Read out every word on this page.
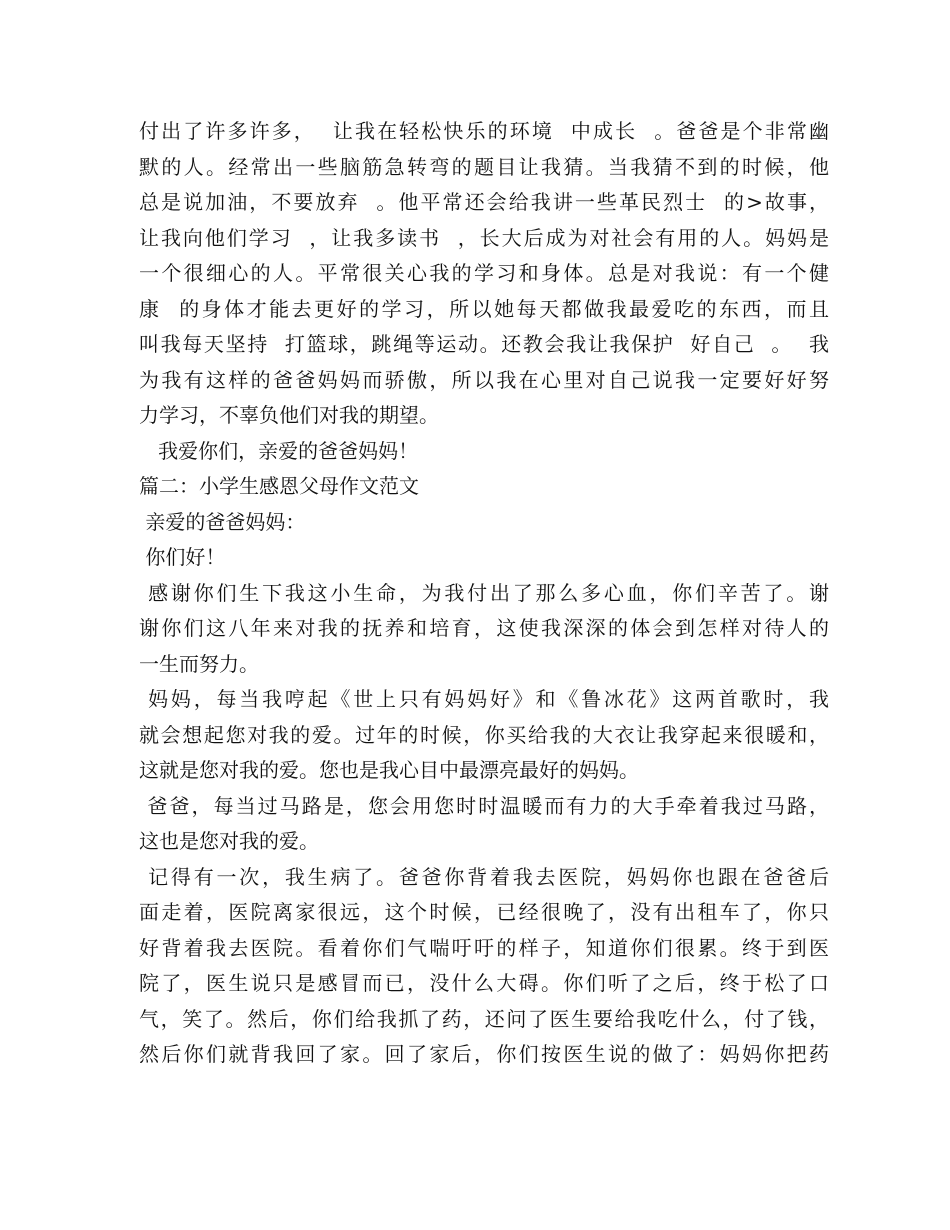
付出了许多许多，  让我在轻松快乐的环境  中成长  。爸爸是个非常幽
默的人。经常出一些脑筋急转弯的题目让我猜。当我猜不到的时候，他
总是说加油，不要放弃  。他平常还会给我讲一些革民烈士  的>故事，
让我向他们学习  ，让我多读书  ，长大后成为对社会有用的人。妈妈是
一个很细心的人。平常很关心我的学习和身体。总是对我说：有一个健
康  的身体才能去更好的学习，所以她每天都做我最爱吃的东西，而且
叫我每天坚持  打篮球，跳绳等运动。还教会我让我保护  好自己  。  我
为我有这样的爸爸妈妈而骄傲，所以我在心里对自己说我一定要好好努
力学习，不辜负他们对我的期望。
我爱你们，亲爱的爸爸妈妈！
篇二：小学生感恩父母作文范文
亲爱的爸爸妈妈：
你们好！
感谢你们生下我这小生命，为我付出了那么多心血，你们辛苦了。谢
谢你们这八年来对我的抚养和培育，这使我深深的体会到怎样对待人的
一生而努力。
妈妈，每当我哼起《世上只有妈妈好》和《鲁冰花》这两首歌时，我
就会想起您对我的爱。过年的时候，你买给我的大衣让我穿起来很暖和，
这就是您对我的爱。您也是我心目中最漂亮最好的妈妈。
爸爸，每当过马路是，您会用您时时温暖而有力的大手牵着我过马路，
这也是您对我的爱。
记得有一次，我生病了。爸爸你背着我去医院，妈妈你也跟在爸爸后
面走着，医院离家很远，这个时候，已经很晚了，没有出租车了，你只
好背着我去医院。看着你们气喘吁吁的样子，知道你们很累。终于到医
院了，医生说只是感冒而已，没什么大碍。你们听了之后，终于松了口
气，笑了。然后，你们给我抓了药，还问了医生要给我吃什么，付了钱，
然后你们就背我回了家。回了家后，你们按医生说的做了：妈妈你把药
